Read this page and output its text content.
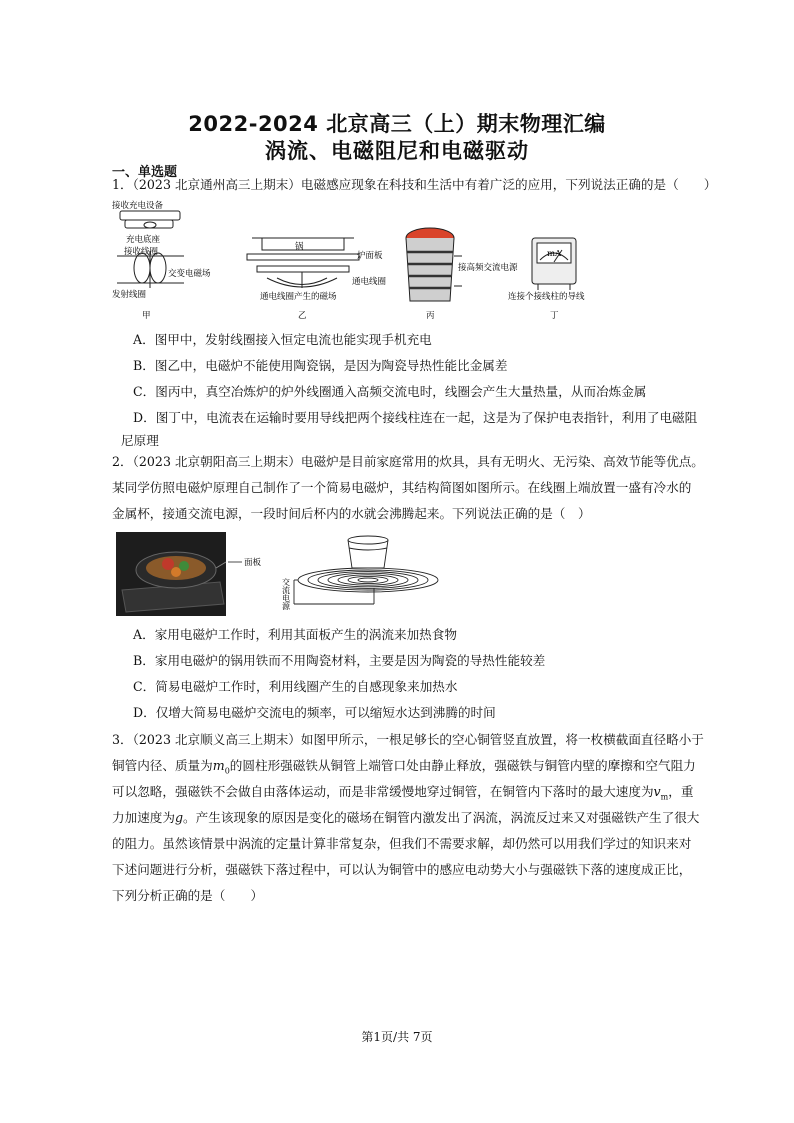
2022-2024 北京高三（上）期末物理汇编
涡流、电磁阻尼和电磁驱动
一、单选题
1．（2023 北京通州高三上期末）电磁感应现象在科技和生活中有着广泛的应用，下列说法正确的是（　　）
接收充电设备
充电底座
接收线圈
交变电磁场
发射线圈
甲
锅
炉面板
通电线圈
通电线圈产生的磁场
乙
接高频交流电源
丙
mA
连接个接线柱的导线
丁
A．图甲中，发射线圈接入恒定电流也能实现手机充电
B．图乙中，电磁炉不能使用陶瓷锅，是因为陶瓷导热性能比金属差
C．图丙中，真空冶炼炉的炉外线圈通入高频交流电时，线圈会产生大量热量，从而冶炼金属
D．图丁中，电流表在运输时要用导线把两个接线柱连在一起，这是为了保护电表指针，利用了电磁阻
尼原理
2．（2023 北京朝阳高三上期末）电磁炉是目前家庭常用的炊具，具有无明火、无污染、高效节能等优点。
某同学仿照电磁炉原理自己制作了一个简易电磁炉，其结构简图如图所示。在线圈上端放置一盛有冷水的
金属杯，接通交流电源，一段时间后杯内的水就会沸腾起来。下列说法正确的是（　）
面板
交流电源
A．家用电磁炉工作时，利用其面板产生的涡流来加热食物
B．家用电磁炉的锅用铁而不用陶瓷材料，主要是因为陶瓷的导热性能较差
C．简易电磁炉工作时，利用线圈产生的自感现象来加热水
D．仅增大简易电磁炉交流电的频率，可以缩短水达到沸腾的时间
3．（2023 北京顺义高三上期末）如图甲所示，一根足够长的空心铜管竖直放置，将一枚横截面直径略小于
铜管内径、质量为$m_0$的圆柱形强磁铁从铜管上端管口处由静止释放，强磁铁与铜管内壁的摩擦和空气阻力
可以忽略，强磁铁不会做自由落体运动，而是非常缓慢地穿过铜管，在铜管内下落时的最大速度为$v_m$，重
力加速度为g。产生该现象的原因是变化的磁场在铜管内激发出了涡流，涡流反过来又对强磁铁产生了很大
的阻力。虽然该情景中涡流的定量计算非常复杂，但我们不需要求解，却仍然可以用我们学过的知识来对
下述问题进行分析，强磁铁下落过程中，可以认为铜管中的感应电动势大小与强磁铁下落的速度成正比，
下列分析正确的是（　　）
第1页/共 7页
